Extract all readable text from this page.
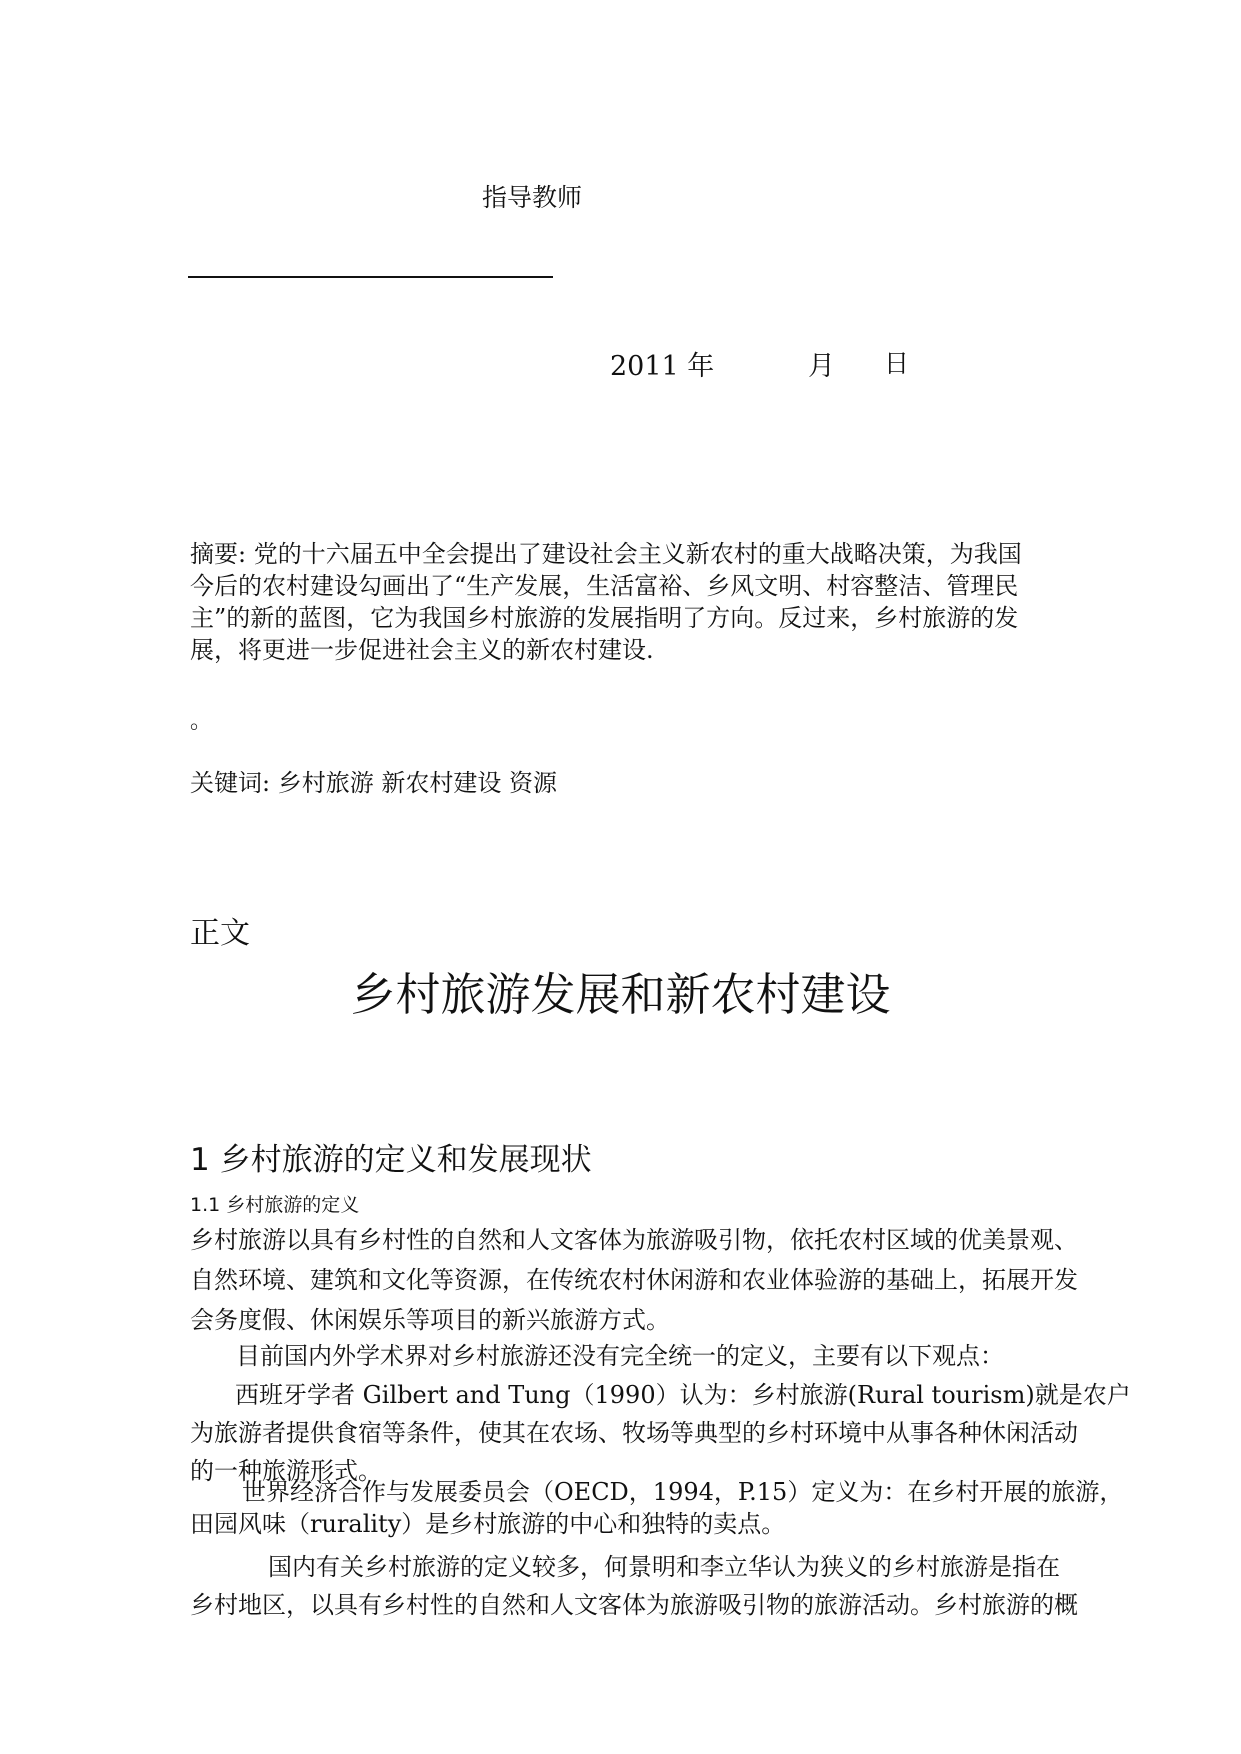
指导教师
2011 年	月 日
摘要: 党的十六届五中全会提出了建设社会主义新农村的重大战略决策，为我国
今后的农村建设勾画出了“生产发展，生活富裕、乡风文明、村容整洁、管理民
主”的新的蓝图，它为我国乡村旅游的发展指明了方向。反过来，乡村旅游的发
展，将更进一步促进社会主义的新农村建设.
。
关键词: 乡村旅游 新农村建设 资源
正文
乡村旅游发展和新农村建设
1 乡村旅游的定义和发展现状
1.1 乡村旅游的定义
乡村旅游以具有乡村性的自然和人文客体为旅游吸引物，依托农村区域的优美景观、
自然环境、建筑和文化等资源，在传统农村休闲游和农业体验游的基础上，拓展开发
会务度假、休闲娱乐等项目的新兴旅游方式。
目前国内外学术界对乡村旅游还没有完全统一的定义，主要有以下观点：
西班牙学者 Gilbert and Tung（1990）认为：乡村旅游(Rural tourism)就是农户
为旅游者提供食宿等条件，使其在农场、牧场等典型的乡村环境中从事各种休闲活动
的一种旅游形式。
世界经济合作与发展委员会（OECD，1994，P.15）定义为：在乡村开展的旅游，
田园风味（rurality）是乡村旅游的中心和独特的卖点。
国内有关乡村旅游的定义较多，何景明和李立华认为狭义的乡村旅游是指在
乡村地区，以具有乡村性的自然和人文客体为旅游吸引物的旅游活动。乡村旅游的概
